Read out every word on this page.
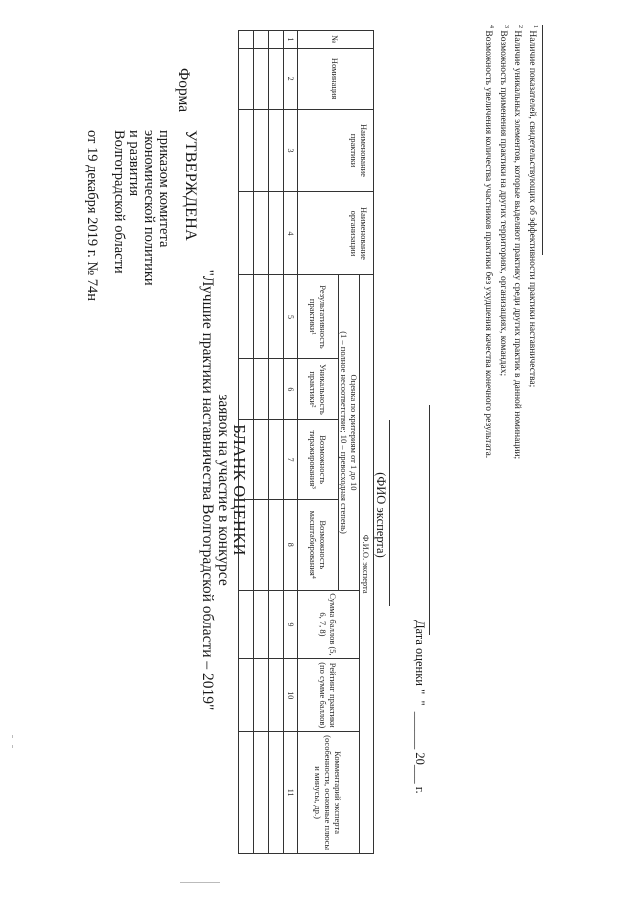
УТВЕРЖДЕНА
приказом комитета
экономической политики
и развития
Волгоградской области
от 19 декабря 2019 г. № 74н
Форма
БЛАНК ОЦЕНКИ
заявок на участие в конкурсе
"Лучшие практики наставничества Волгоградской области – 2019"
№	Номинация	Наименование практики	Наименование организации	Ф.И.О. эксперта						

				Оценка по критериям от 1 до 10
(1 – полное несоответствие; 10 – превосходная степень)				Сумма баллов (5, 6, 7, 8)	Рейтинг практики (по сумме баллов)	Комментарий эксперта (особенности, основные плюсы и минусы, др.)
				Результативность практики¹	Уникальность практики²	Возможность тиражирования³	Возможность масштабирования⁴			
1	2	3	4	5	6	7	8	9	10	11

(ФИО эксперта)
Дата оценки "  "  ______ 20___ г.
$^1$ Наличие показателей, свидетельствующих об эффективности практики наставничества;
$^2$ Наличие уникальных элементов, которые выделяют практику среди других практик в данной номинации;
$^3$ Возможность применения практики на других территориях, организациях, командах;
$^4$ Возможность увеличения количества участников практики без ухудшения качества конечного результата.
